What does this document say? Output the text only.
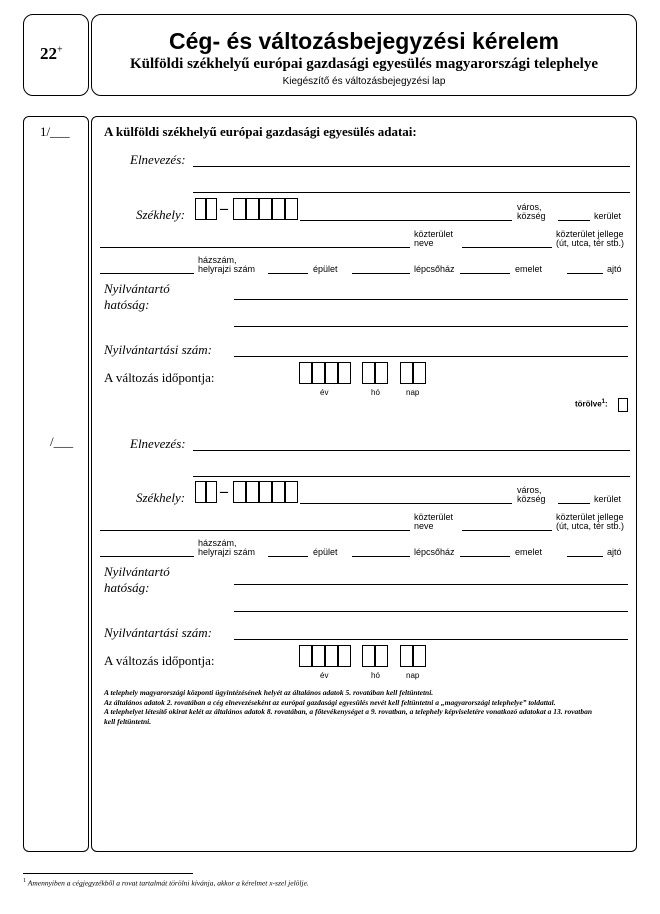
22+	Cég- és változásbejegyzési kérelem
Külföldi székhelyű európai gazdasági egyesülés magyarországi telephelye
Kiegészítő és változásbejegyzési lap
1/___
/___
A külföldi székhelyű európai gazdasági egyesülés adatai:
Elnevezés:
Székhely: –	város,
község	kerület
közterület
neve
közterület jellege
(út, utca, tér stb.)
házszám,
helyrajzi szám	épület	lépcsőház	emelet	ajtó
Nyilvántartó
hatóság:
Nyilvántartási szám:
A változás időpontja:
év	hó	nap
törölve$^1$:
Elnevezés:
Székhely: –	város,
község	kerület
közterület
neve
közterület jellege
(út, utca, tér stb.)
házszám,
helyrajzi szám	épület	lépcsőház	emelet	ajtó
Nyilvántartó
hatóság:
Nyilvántartási szám:
A változás időpontja:
év	hó	nap
A telephely magyarországi központi ügyintézésének helyét az általános adatok 5. rovatában kell feltüntetni.
Az általános adatok 2. rovatában a cég elnevezéseként az európai gazdasági egyesülés nevét kell feltüntetni a „magyarországi telephelye” toldattal.
A telephelyet létesítő okirat kelét az általános adatok 8. rovatában, a főtevékenységet a 9. rovatban, a telephely képviseletére vonatkozó adatokat a 13. rovatban kell feltüntetni.
$^1$ Amennyiben a cégjegyzékből a rovat tartalmát törölni kívánja, akkor a kérelmet x-szel jelölje.
